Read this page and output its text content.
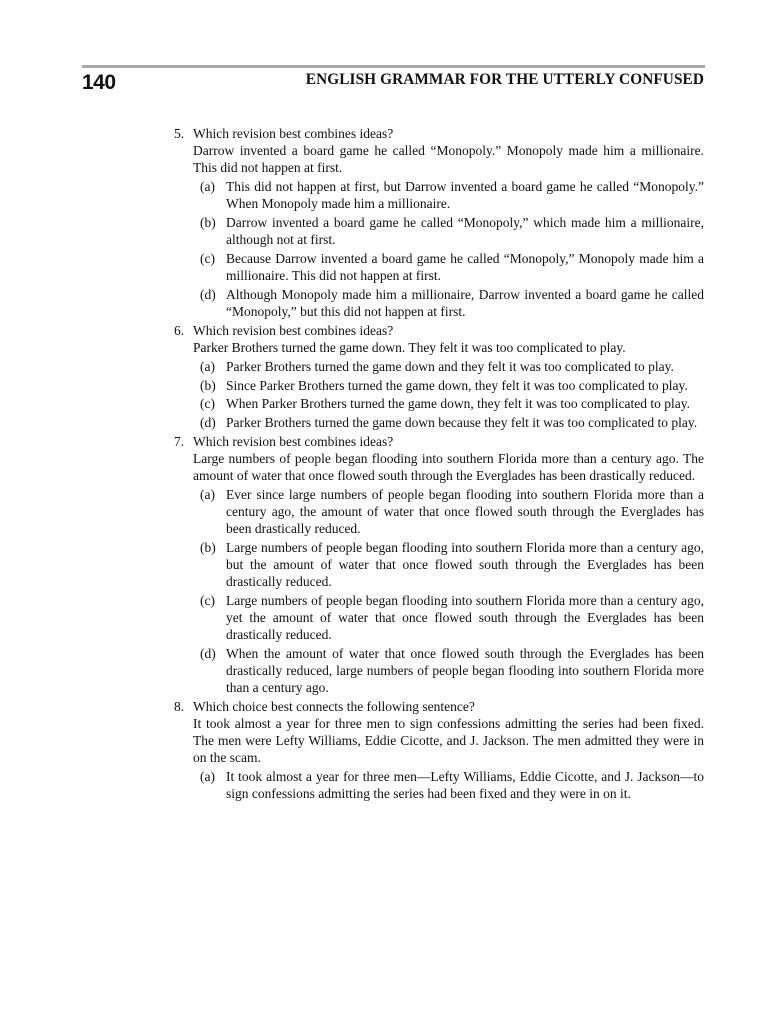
140	ENGLISH GRAMMAR FOR THE UTTERLY CONFUSED
5. Which revision best combines ideas?
Darrow invented a board game he called “Monopoly.” Monopoly made him a millionaire. This did not happen at first.
(a) This did not happen at first, but Darrow invented a board game he called “Monopoly.” When Monopoly made him a millionaire.
(b) Darrow invented a board game he called “Monopoly,” which made him a millionaire, although not at first.
(c) Because Darrow invented a board game he called “Monopoly,” Monopoly made him a millionaire. This did not happen at first.
(d) Although Monopoly made him a millionaire, Darrow invented a board game he called “Monopoly,” but this did not happen at first.
6. Which revision best combines ideas?
Parker Brothers turned the game down. They felt it was too complicated to play.
(a) Parker Brothers turned the game down and they felt it was too complicated to play.
(b) Since Parker Brothers turned the game down, they felt it was too complicated to play.
(c) When Parker Brothers turned the game down, they felt it was too complicated to play.
(d) Parker Brothers turned the game down because they felt it was too complicated to play.
7. Which revision best combines ideas?
Large numbers of people began flooding into southern Florida more than a century ago. The amount of water that once flowed south through the Everglades has been drastically reduced.
(a) Ever since large numbers of people began flooding into southern Florida more than a century ago, the amount of water that once flowed south through the Everglades has been drastically reduced.
(b) Large numbers of people began flooding into southern Florida more than a century ago, but the amount of water that once flowed south through the Everglades has been drastically reduced.
(c) Large numbers of people began flooding into southern Florida more than a century ago, yet the amount of water that once flowed south through the Everglades has been drastically reduced.
(d) When the amount of water that once flowed south through the Everglades has been drastically reduced, large numbers of people began flooding into southern Florida more than a century ago.
8. Which choice best connects the following sentence?
It took almost a year for three men to sign confessions admitting the series had been fixed. The men were Lefty Williams, Eddie Cicotte, and J. Jackson. The men admitted they were in on the scam.
(a) It took almost a year for three men—Lefty Williams, Eddie Cicotte, and J. Jackson—to sign confessions admitting the series had been fixed and they were in on it.
